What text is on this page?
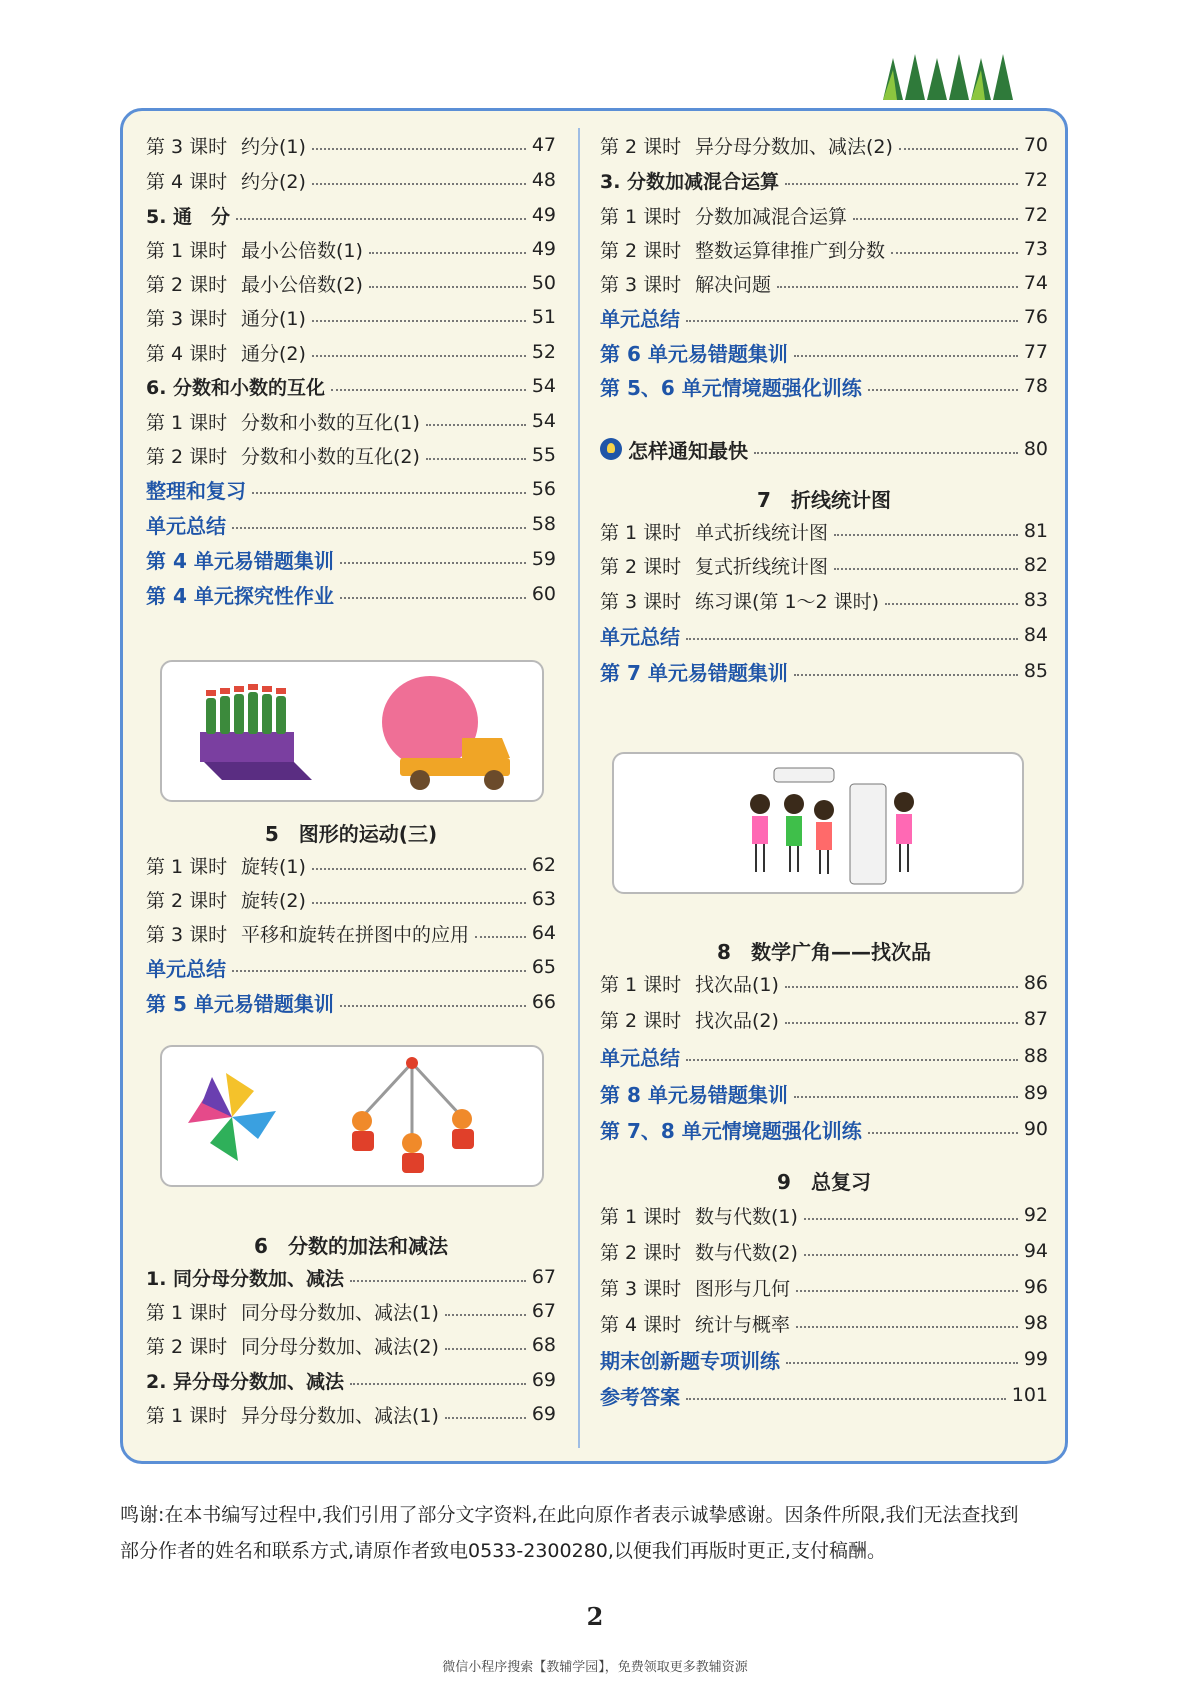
第 3 课时 约分(1)	47
第 4 课时 约分(2)	48
5. 通　分	49
第 1 课时 最小公倍数(1)	49
第 2 课时 最小公倍数(2)	50
第 3 课时 通分(1)	51
第 4 课时 通分(2)	52
6. 分数和小数的互化	54
第 1 课时 分数和小数的互化(1)	54
第 2 课时 分数和小数的互化(2)	55
整理和复习	56
单元总结	58
第 4 单元易错题集训	59
第 4 单元探究性作业	60
5　图形的运动(三)
第 1 课时 旋转(1)	62
第 2 课时 旋转(2)	63
第 3 课时 平移和旋转在拼图中的应用	64
单元总结	65
第 5 单元易错题集训	66
6　分数的加法和减法
1. 同分母分数加、减法	67
第 1 课时 同分母分数加、减法(1)	67
第 2 课时 同分母分数加、减法(2)	68
2. 异分母分数加、减法	69
第 1 课时 异分母分数加、减法(1)	69
第 2 课时 异分母分数加、减法(2)	70
3. 分数加减混合运算	72
第 1 课时 分数加减混合运算	72
第 2 课时 整数运算律推广到分数	73
第 3 课时 解决问题	74
单元总结	76
第 6 单元易错题集训	77
第 5、6 单元情境题强化训练	78
怎样通知最快	80
7　折线统计图
第 1 课时 单式折线统计图	81
第 2 课时 复式折线统计图	82
第 3 课时 练习课(第 1～2 课时)	83
单元总结	84
第 7 单元易错题集训	85
8　数学广角——找次品
第 1 课时 找次品(1)	86
第 2 课时 找次品(2)	87
单元总结	88
第 8 单元易错题集训	89
第 7、8 单元情境题强化训练	90
9　总复习
第 1 课时 数与代数(1)	92
第 2 课时 数与代数(2)	94
第 3 课时 图形与几何	96
第 4 课时 统计与概率	98
期末创新题专项训练	99
参考答案	101
鸣谢:在本书编写过程中,我们引用了部分文字资料,在此向原作者表示诚挚感谢。因条件所限,我们无法查找到
部分作者的姓名和联系方式,请原作者致电0533-2300280,以便我们再版时更正,支付稿酬。
2
微信小程序搜索【教辅学园】，免费领取更多教辅资源
